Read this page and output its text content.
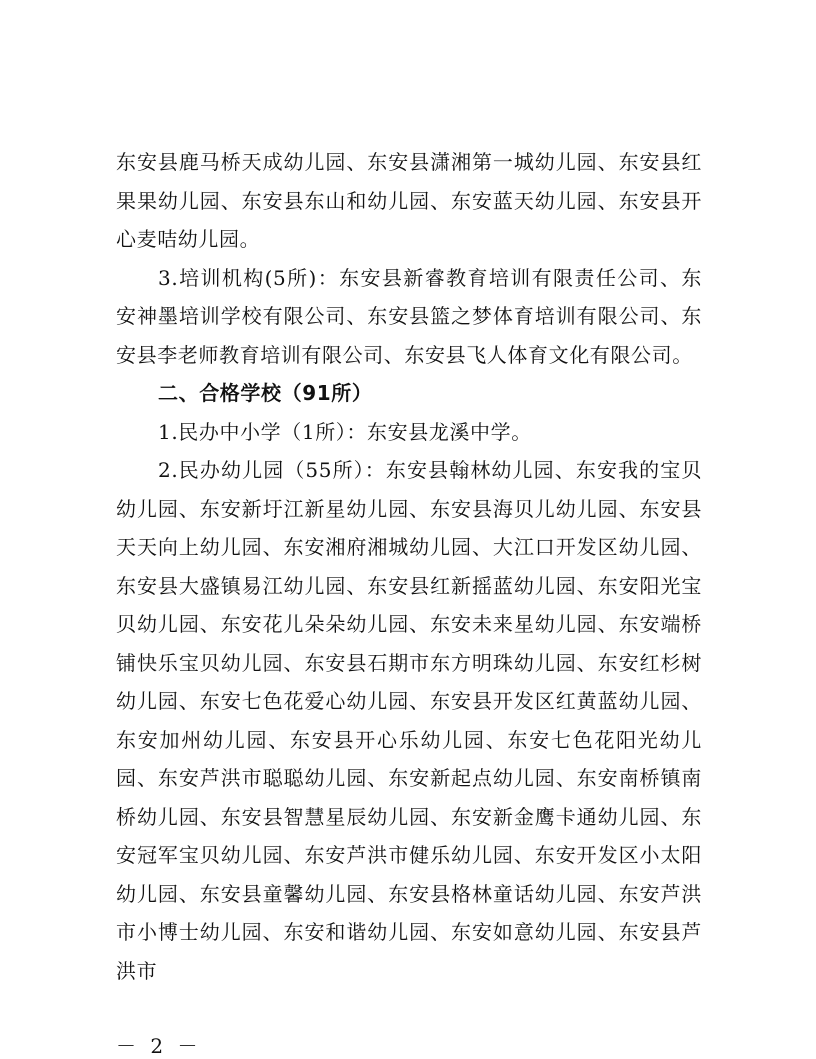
东安县鹿马桥天成幼儿园、东安县潇湘第一城幼儿园、东安县红果果幼儿园、东安县东山和幼儿园、东安蓝天幼儿园、东安县开心麦咭幼儿园。

3.培训机构(5所)：东安县新睿教育培训有限责任公司、东安神墨培训学校有限公司、东安县篮之梦体育培训有限公司、东安县李老师教育培训有限公司、东安县飞人体育文化有限公司。

二、合格学校（91所）

1.民办中小学（1所）：东安县龙溪中学。

2.民办幼儿园（55所）：东安县翰林幼儿园、东安我的宝贝幼儿园、东安新圩江新星幼儿园、东安县海贝儿幼儿园、东安县天天向上幼儿园、东安湘府湘城幼儿园、大江口开发区幼儿园、东安县大盛镇易江幼儿园、东安县红新摇蓝幼儿园、东安阳光宝贝幼儿园、东安花儿朵朵幼儿园、东安未来星幼儿园、东安端桥铺快乐宝贝幼儿园、东安县石期市东方明珠幼儿园、东安红杉树幼儿园、东安七色花爱心幼儿园、东安县开发区红黄蓝幼儿园、东安加州幼儿园、东安县开心乐幼儿园、东安七色花阳光幼儿园、东安芦洪市聪聪幼儿园、东安新起点幼儿园、东安南桥镇南桥幼儿园、东安县智慧星辰幼儿园、东安新金鹰卡通幼儿园、东安冠军宝贝幼儿园、东安芦洪市健乐幼儿园、东安开发区小太阳幼儿园、东安县童馨幼儿园、东安县格林童话幼儿园、东安芦洪市小博士幼儿园、东安和谐幼儿园、东安如意幼儿园、东安县芦洪市

－ 2 －
